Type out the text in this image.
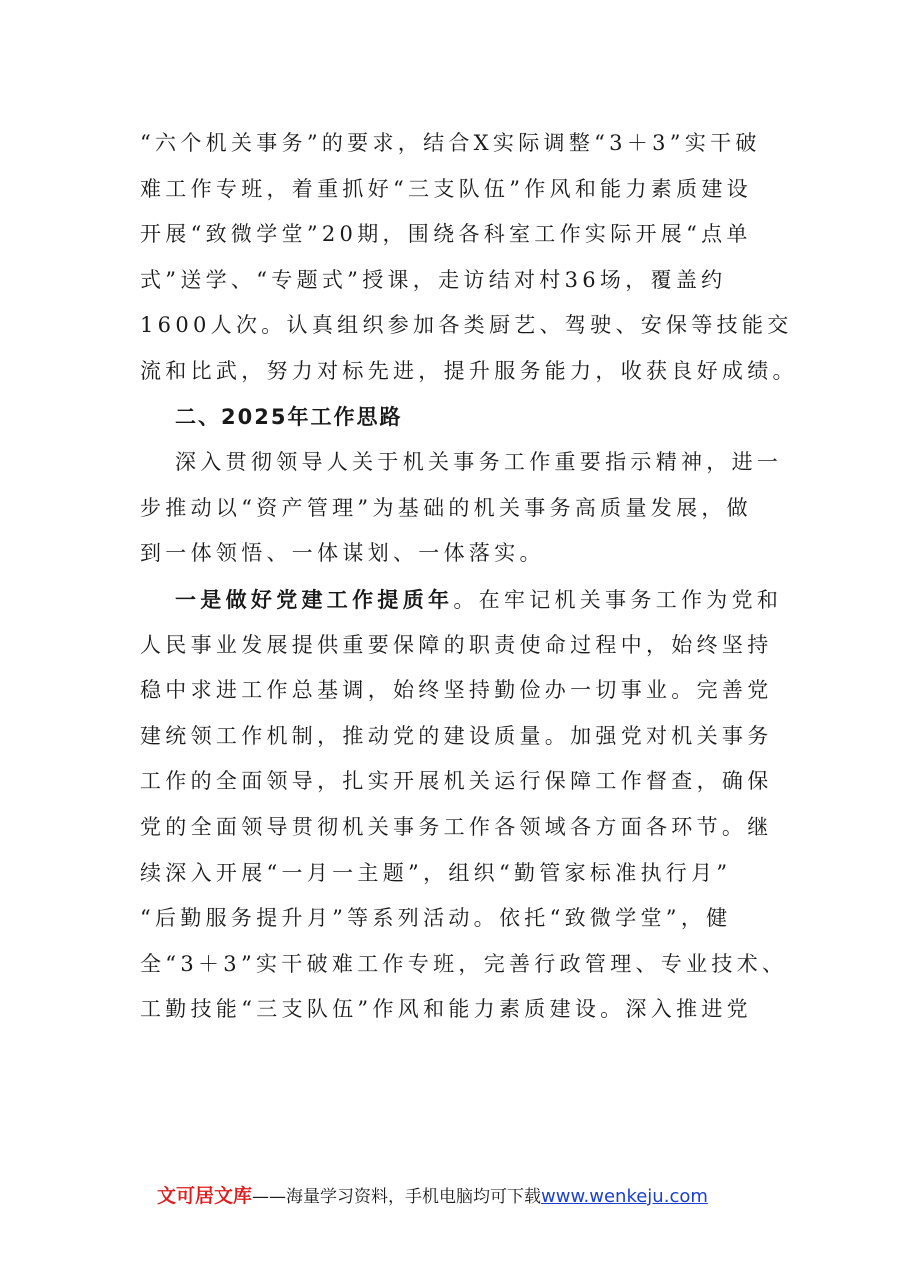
“六个机关事务”的要求，结合X实际调整“3＋3”实干破
难工作专班，着重抓好“三支队伍”作风和能力素质建设
开展“致微学堂”20期，围绕各科室工作实际开展“点单
式”送学、“专题式”授课，走访结对村36场，覆盖约
1600人次。认真组织参加各类厨艺、驾驶、安保等技能交
流和比武，努力对标先进，提升服务能力，收获良好成绩。
二、2025年工作思路
深入贯彻领导人关于机关事务工作重要指示精神，进一
步推动以“资产管理”为基础的机关事务高质量发展，做
到一体领悟、一体谋划、一体落实。
一是做好党建工作提质年。在牢记机关事务工作为党和
人民事业发展提供重要保障的职责使命过程中，始终坚持
稳中求进工作总基调，始终坚持勤俭办一切事业。完善党
建统领工作机制，推动党的建设质量。加强党对机关事务
工作的全面领导，扎实开展机关运行保障工作督查，确保
党的全面领导贯彻机关事务工作各领域各方面各环节。继
续深入开展“一月一主题”，组织“勤管家标准执行月”
“后勤服务提升月”等系列活动。依托“致微学堂”，健
全“3＋3”实干破难工作专班，完善行政管理、专业技术、
工勤技能“三支队伍”作风和能力素质建设。深入推进党
文可居文库——海量学习资料，手机电脑均可下载www.wenkeju.com
